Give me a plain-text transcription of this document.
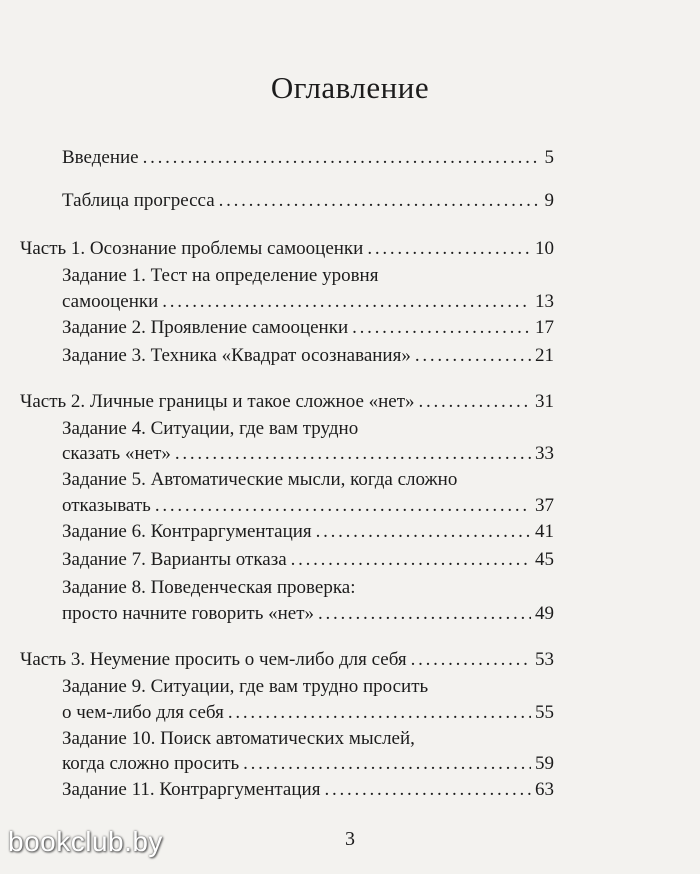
Оглавление
Введение . . .	5
Таблица прогресса . . .	9
Часть 1. Осознание проблемы самооценки . . .	10
Задание 1. Тест на определение уровня
самооценки . . .	13
Задание 2. Проявление самооценки . . .	17
Задание 3. Техника «Квадрат осознавания» . . .	21
Часть 2. Личные границы и такое сложное «нет» . . .	31
Задание 4. Ситуации, где вам трудно
сказать «нет» . . .	33
Задание 5. Автоматические мысли, когда сложно
отказывать . . .	37
Задание 6. Контраргументация . . .	41
Задание 7. Варианты отказа . . .	45
Задание 8. Поведенческая проверка:
просто начните говорить «нет» . . .	49
Часть 3. Неумение просить о чем-либо для себя . . .	53
Задание 9. Ситуации, где вам трудно просить
о чем-либо для себя . . .	55
Задание 10. Поиск автоматических мыслей,
когда сложно просить . . .	59
Задание 11. Контраргументация . . .	63
3
bookclub.by
